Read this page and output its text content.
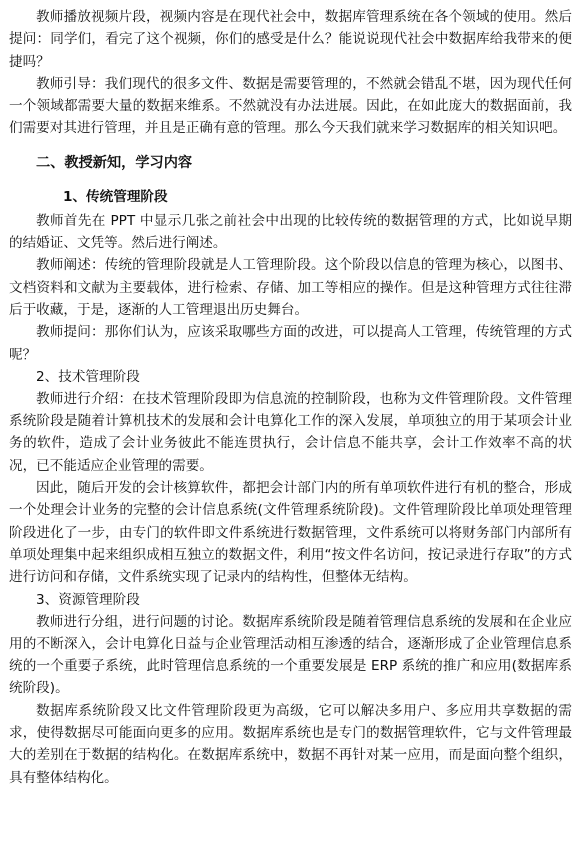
教师播放视频片段，视频内容是在现代社会中，数据库管理系统在各个领域的使用。然后提问：同学们，看完了这个视频，你们的感受是什么？能说说现代社会中数据库给我带来的便捷吗？

教师引导：我们现代的很多文件、数据是需要管理的，不然就会错乱不堪，因为现代任何一个领域都需要大量的数据来维系。不然就没有办法进展。因此，在如此庞大的数据面前，我们需要对其进行管理，并且是正确有意的管理。那么今天我们就来学习数据库的相关知识吧。

二、教授新知，学习内容

1、传统管理阶段

教师首先在 PPT 中显示几张之前社会中出现的比较传统的数据管理的方式，比如说早期的结婚证、文凭等。然后进行阐述。

教师阐述：传统的管理阶段就是人工管理阶段。这个阶段以信息的管理为核心，以图书、文档资料和文献为主要载体，进行检索、存储、加工等相应的操作。但是这种管理方式往往滞后于收藏，于是，逐渐的人工管理退出历史舞台。

教师提问：那你们认为，应该采取哪些方面的改进，可以提高人工管理，传统管理的方式呢？

2、技术管理阶段

教师进行介绍：在技术管理阶段即为信息流的控制阶段，也称为文件管理阶段。文件管理系统阶段是随着计算机技术的发展和会计电算化工作的深入发展，单项独立的用于某项会计业务的软件，造成了会计业务彼此不能连贯执行，会计信息不能共享，会计工作效率不高的状况，已不能适应企业管理的需要。

因此，随后开发的会计核算软件，都把会计部门内的所有单项软件进行有机的整合，形成一个处理会计业务的完整的会计信息系统(文件管理系统阶段)。文件管理阶段比单项处理管理阶段进化了一步，由专门的软件即文件系统进行数据管理，文件系统可以将财务部门内部所有单项处理集中起来组织成相互独立的数据文件，利用“按文件名访问，按记录进行存取”的方式进行访问和存储，文件系统实现了记录内的结构性，但整体无结构。

3、资源管理阶段

教师进行分组，进行问题的讨论。数据库系统阶段是随着管理信息系统的发展和在企业应用的不断深入，会计电算化日益与企业管理活动相互渗透的结合，逐渐形成了企业管理信息系统的一个重要子系统，此时管理信息系统的一个重要发展是 ERP 系统的推广和应用(数据库系统阶段)。

数据库系统阶段又比文件管理阶段更为高级，它可以解决多用户、多应用共享数据的需求，使得数据尽可能面向更多的应用。数据库系统也是专门的数据管理软件，它与文件管理最大的差别在于数据的结构化。在数据库系统中，数据不再针对某一应用，而是面向整个组织，具有整体结构化。
